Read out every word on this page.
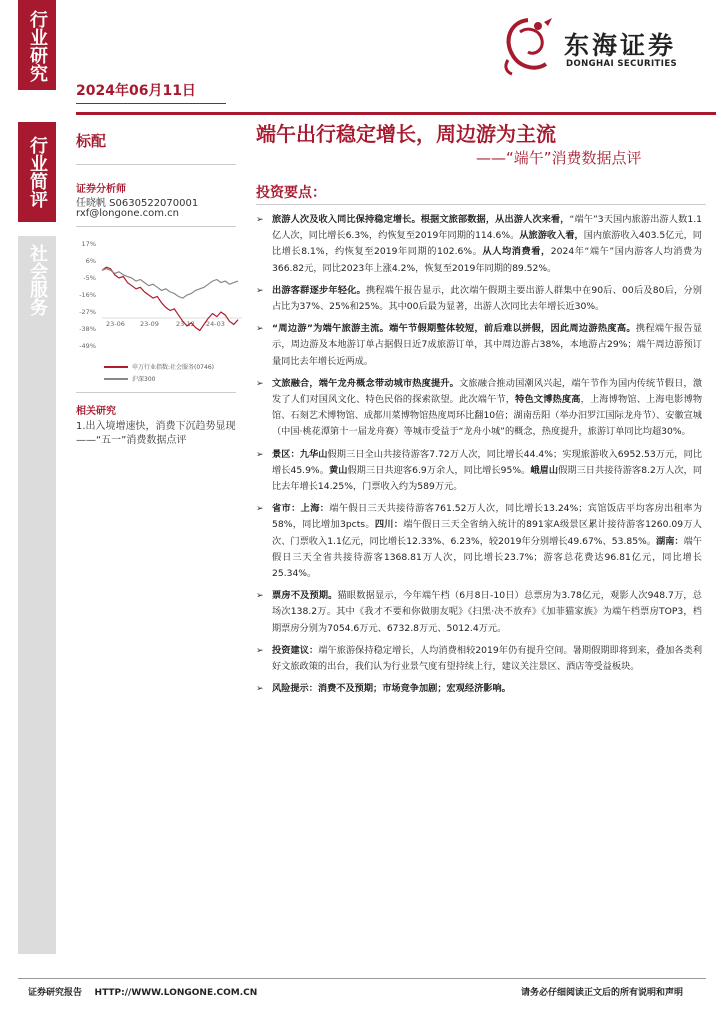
行业研究
行业简评
社会服务
2024年06月11日
东海证券
DONGHAI SECURITIES
标配
证券分析师
任晓帆 S0630522070001
rxf@longone.com.cn
17%
6%
-5%
-16%
-27%
-38%
-49%
23-06 23-09	23-12 24-03
申万行业指数:社会服务(0746)
沪深300
相关研究
1.出入境增速快，消费下沉趋势显现
——“五一”消费数据点评
端午出行稳定增长，周边游为主流
——“端午”消费数据点评
投资要点：
➢ 旅游人次及收入同比保持稳定增长。根据文旅部数据，从出游人次来看，“端午”3天国内旅游出游人数1.1亿人次，同比增长6.3%，约恢复至2019年同期的114.6%。从旅游收入看，国内旅游收入403.5亿元，同比增长8.1%，约恢复至2019年同期的102.6%。从人均消费看，2024年“端午”国内游客人均消费为366.82元，同比2023年上涨4.2%，恢复至2019年同期的89.52%。
➢ 出游客群逐步年轻化。携程端午报告显示，此次端午假期主要出游人群集中在90后、00后及80后，分别占比为37%、25%和25%。其中00后最为显著，出游人次同比去年增长近30%。
➢ “周边游”为端午旅游主流。端午节假期整体较短，前后难以拼假，因此周边游热度高。携程端午报告显示，周边游及本地游订单占据假日近7成旅游订单，其中周边游占38%，本地游占29%；端午周边游预订量同比去年增长近两成。
➢ 文旅融合，端午龙舟概念带动城市热度提升。文旅融合推动国潮风兴起，端午节作为国内传统节假日，激发了人们对国风文化、特色民俗的探索欲望。此次端午节，特色文博热度高，上海博物馆、上海电影博物馆、石刻艺术博物馆、成都川菜博物馆热度周环比翻10倍；湖南岳阳（举办汨罗江国际龙舟节）、安徽宣城（中国·桃花潭第十一届龙舟赛）等城市受益于“龙舟小城”的概念，热度提升，旅游订单同比均超30%。
➢ 景区：九华山假期三日全山共接待游客7.72万人次，同比增长44.4%；实现旅游收入6952.53万元，同比增长45.9%。黄山假期三日共迎客6.9万余人，同比增长95%。峨眉山假期三日共接待游客8.2万人次，同比去年增长14.25%，门票收入约为589万元。
➢ 省市：上海：端午假日三天共接待游客761.52万人次，同比增长13.24%；宾馆饭店平均客房出租率为58%，同比增加3pcts。四川：端午假日三天全省纳入统计的891家A级景区累计接待游客1260.09万人次、门票收入1.1亿元，同比增长12.33%、6.23%，较2019年分别增长49.67%、53.85%。湖南：端午假日三天全省共接待游客1368.81万人次，同比增长23.7%；游客总花费达96.81亿元，同比增长25.34%。
➢ 票房不及预期。猫眼数据显示，今年端午档（6月8日-10日）总票房为3.78亿元，观影人次948.7万，总场次138.2万。其中《我才不要和你做朋友呢》《扫黑·决不放弃》《加菲猫家族》为端午档票房TOP3，档期票房分别为7054.6万元、6732.8万元、5012.4万元。
➢ 投资建议：端午旅游保持稳定增长，人均消费相较2019年仍有提升空间。暑期假期即将到来，叠加各类利好文旅政策的出台，我们认为行业景气度有望持续上行，建议关注景区、酒店等受益板块。
➢ 风险提示：消费不及预期；市场竞争加剧；宏观经济影响。
证券研究报告    HTTP://WWW.LONGONE.COM.CN	请务必仔细阅读正文后的所有说明和声明
